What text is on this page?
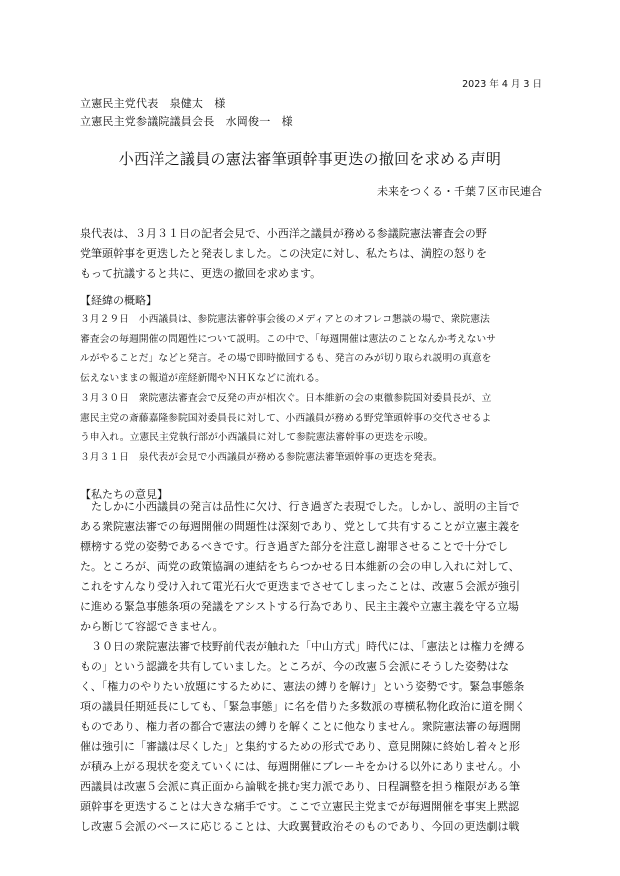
2023 年 4 月 3 日
立憲民主党代表　泉健太　様
立憲民主党参議院議員会長　水岡俊一　様
小西洋之議員の憲法審筆頭幹事更迭の撤回を求める声明
未来をつくる・千葉７区市民連合

泉代表は、３月３１日の記者会見で、小西洋之議員が務める参議院憲法審査会の野
党筆頭幹事を更迭したと発表しました。この決定に対し、私たちは、満腔の怒りを
もって抗議すると共に、更迭の撤回を求めます。

【経緯の概略】

３月２９日　小西議員は、参院憲法審幹事会後のメディアとのオフレコ懇談の場で、衆院憲法
審査会の毎週開催の問題性について説明。この中で、「毎週開催は憲法のことなんか考えないサ
ルがやることだ」などと発言。その場で即時撤回するも、発言のみが切り取られ説明の真意を
伝えないままの報道が産経新聞やＮＨＫなどに流れる。
３月３０日　衆院憲法審査会で反発の声が相次ぐ。日本維新の会の東徹参院国対委員長が、立
憲民主党の斎藤嘉隆参院国対委員長に対して、小西議員が務める野党筆頭幹事の交代させるよ
う申入れ。立憲民主党執行部が小西議員に対して参院憲法審幹事の更迭を示唆。
３月３１日　泉代表が会見で小西議員が務める参院憲法審筆頭幹事の更迭を発表。

【私たちの意見】

　たしかに小西議員の発言は品性に欠け、行き過ぎた表現でした。しかし、説明の主旨で
ある衆院憲法審での毎週開催の問題性は深刻であり、党として共有することが立憲主義を
標榜する党の姿勢であるべきです。行き過ぎた部分を注意し謝罪させることで十分でし
た。ところが、両党の政策協調の連結をちらつかせる日本維新の会の申し入れに対して、
これをすんなり受け入れて電光石火で更迭までさせてしまったことは、改憲５会派が強引
に進める緊急事態条項の発議をアシストする行為であり、民主主義や立憲主義を守る立場
から断じて容認できません。
　３０日の衆院憲法審で枝野前代表が触れた「中山方式」時代には、「憲法とは権力を縛る
もの」という認識を共有していました。ところが、今の改憲５会派にそうした姿勢はな
く、「権力のやりたい放題にするために、憲法の縛りを解け」という姿勢です。緊急事態条
項の議員任期延長にしても、「緊急事態」に名を借りた多数派の専横私物化政治に道を開く
ものであり、権力者の都合で憲法の縛りを解くことに他なりません。衆院憲法審の毎週開
催は強引に「審議は尽くした」と集約するための形式であり、意見開陳に終始し着々と形
が積み上がる現状を変えていくには、毎週開催にブレーキをかける以外にありません。小
西議員は改憲５会派に真正面から論戦を挑む実力派であり、日程調整を担う権限がある筆
頭幹事を更迭することは大きな痛手です。ここで立憲民主党までが毎週開催を事実上黙認
し改憲５会派のベースに応じることは、大政翼賛政治そのものであり、今回の更迭劇は戦
